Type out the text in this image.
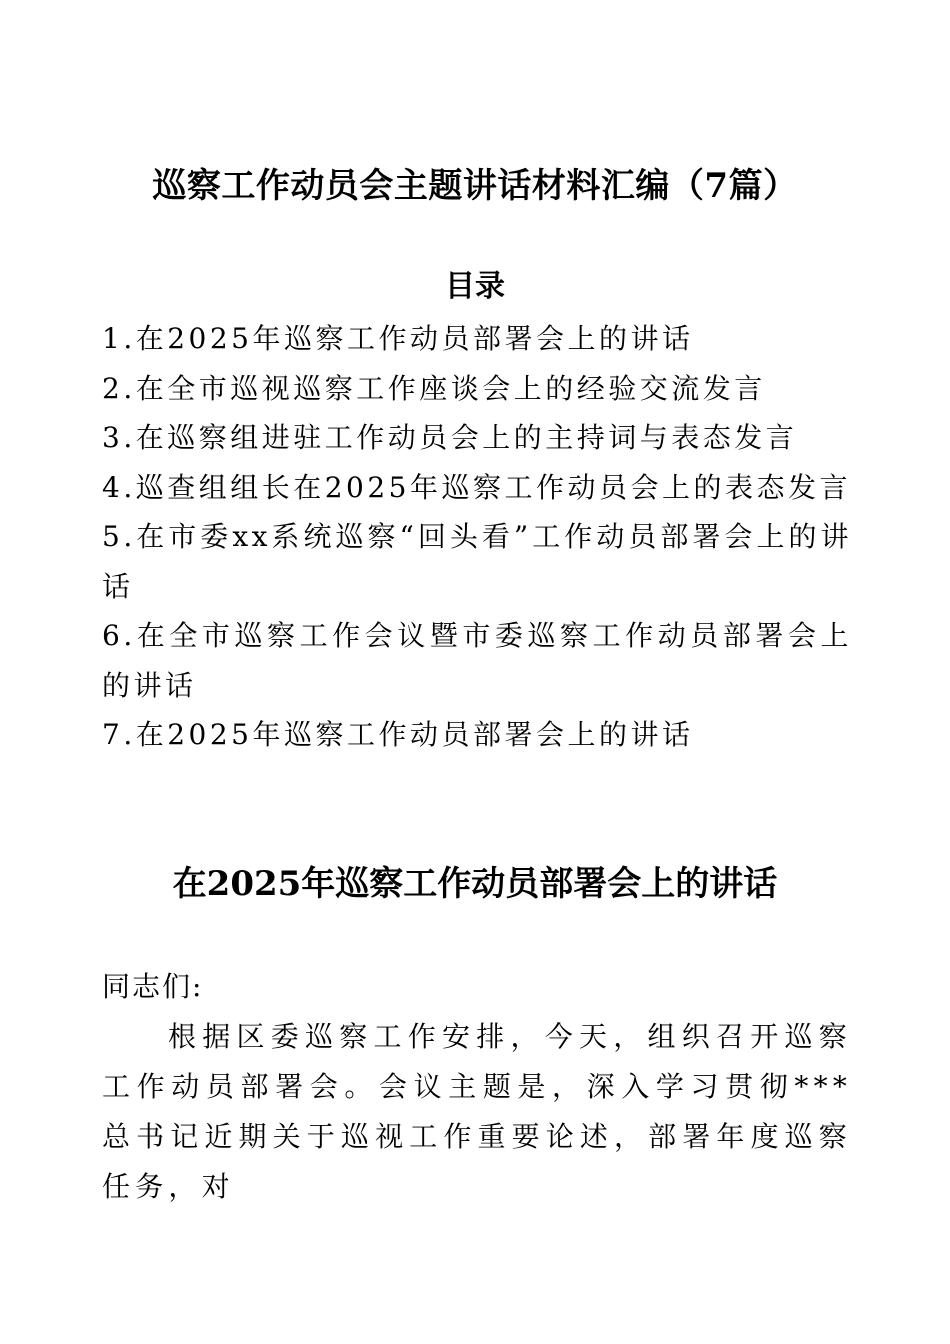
巡察工作动员会主题讲话材料汇编（7篇）
目录
1.在2025年巡察工作动员部署会上的讲话
2.在全市巡视巡察工作座谈会上的经验交流发言
3.在巡察组进驻工作动员会上的主持词与表态发言
4.巡查组组长在2025年巡察工作动员会上的表态发言
5.在市委xx系统巡察“回头看”工作动员部署会上的讲话
6.在全市巡察工作会议暨市委巡察工作动员部署会上的讲话
7.在2025年巡察工作动员部署会上的讲话
在2025年巡察工作动员部署会上的讲话

同志们:

根据区委巡察工作安排，今天，组织召开巡察工作动员部署会。会议主题是，深入学习贯彻***总书记近期关于巡视工作重要论述，部署年度巡察任务，对
